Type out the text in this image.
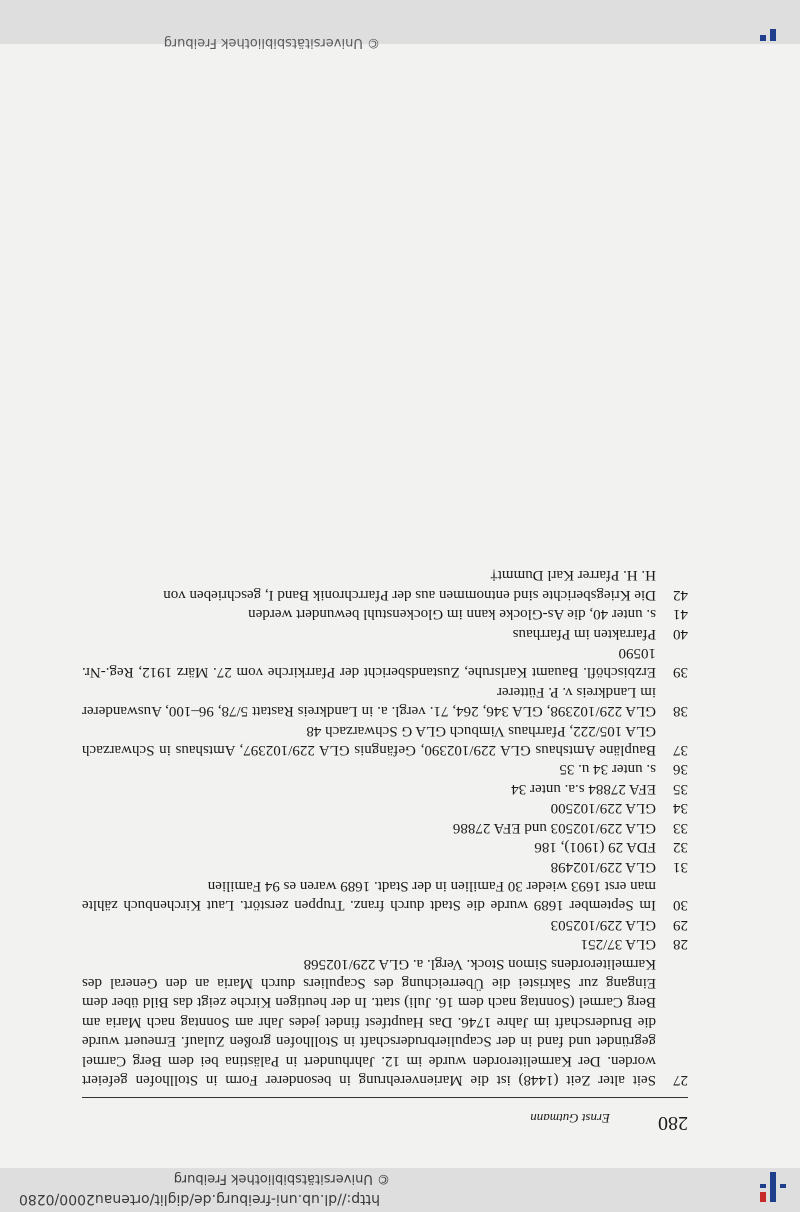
http://dl.ub.uni-freiburg.de/diglit/ortenau2000/0280
© Universitätsbibliothek Freiburg
© Universitätsbibliothek Freiburg
280
Ernst Gutmann
27
Seit alter Zeit (1448) ist die Marienverehrung in besonderer Form in Stollhofen gefeiert worden. Der Karmeliterorden wurde im 12. Jahrhundert in Palästina bei dem Berg Carmel gegründet und fand in der Scapulierbruderschaft in Stollhofen großen Zulauf. Erneuert wurde die Bruderschaft im Jahre 1746. Das Hauptfest findet jedes Jahr am Sonntag nach Maria am Berg Carmel (Sonntag nach dem 16. Juli) statt. In der heutigen Kirche zeigt das Bild über dem Eingang zur Sakristei die Überreichung des Scapuliers durch Maria an den General des Karmeliterordens Simon Stock. Vergl. a. GLA 229/102568
28
GLA 37/251
29
GLA 229/102503
30
Im September 1689 wurde die Stadt durch franz. Truppen zerstört. Laut Kirchenbuch zählte man erst 1693 wieder 30 Familien in der Stadt. 1689 waren es 94 Familien
31
GLA 229/102498
32
FDA 29 (1901), 186
33
GLA 229/102503 und EFA 27886
34
GLA 229/102500
35
EFA 27884 s.a. unter 34
36
s. unter 34 u. 35
37
Baupläne Amtshaus GLA 229/102390, Gefängnis GLA 229/102397, Amtshaus in Schwarzach GLA 105/222, Pfarrhaus Vimbuch GLA G Schwarzach 48
38
GLA 229/102398, GLA 346, 264, 71. vergl. a. in Landkreis Rastatt 5/78, 96–100, Auswanderer im Landkreis v. P. Fütterer
39
Erzbischöfl. Bauamt Karlsruhe, Zustandsbericht der Pfarrkirche vom 27. März 1912, Reg.-Nr. 10590
40
Pfarrakten im Pfarrhaus
41
s. unter 40, die As-Glocke kann im Glockenstuhl bewundert werden
42
Die Kriegsberichte sind entnommen aus der Pfarrchronik Band I, geschrieben von
H. H. Pfarrer Karl Dummt†
